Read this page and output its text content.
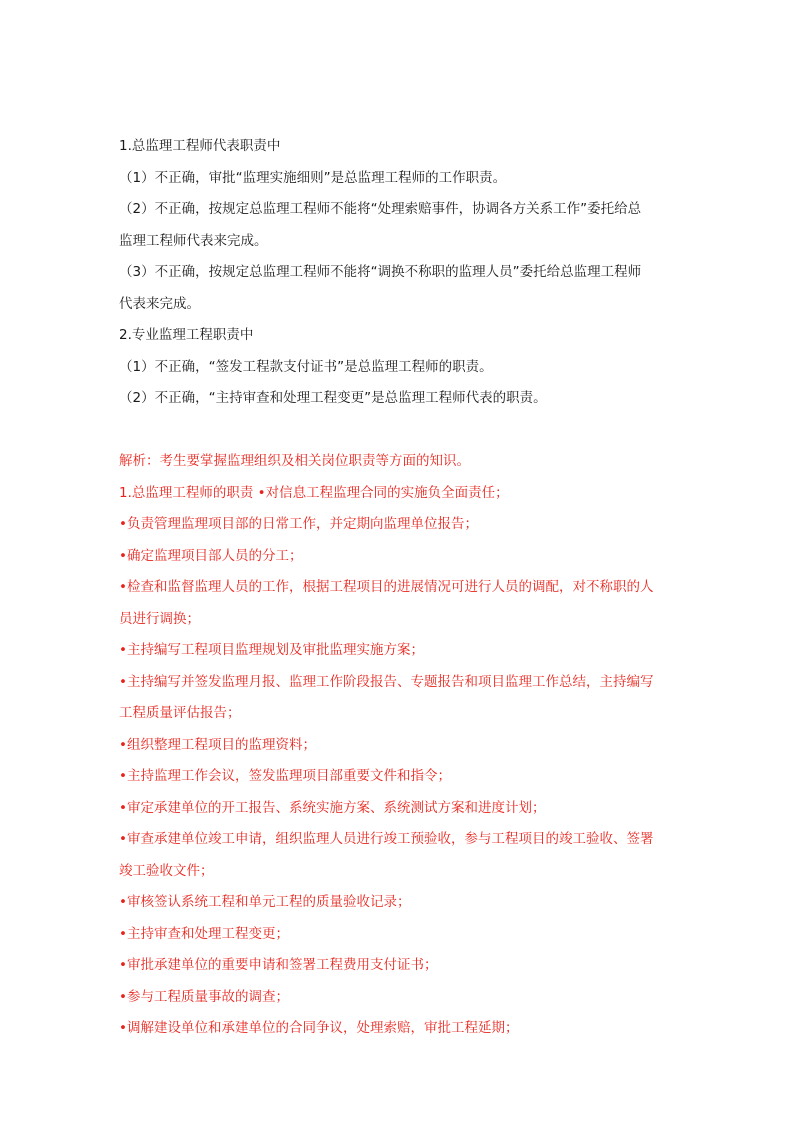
1.总监理工程师代表职责中
（1）不正确，审批“监理实施细则”是总监理工程师的工作职责。
（2）不正确，按规定总监理工程师不能将“处理索赔事件，协调各方关系工作”委托给总
监理工程师代表来完成。
（3）不正确，按规定总监理工程师不能将“调换不称职的监理人员”委托给总监理工程师
代表来完成。
2.专业监理工程职责中
（1）不正确，“签发工程款支付证书”是总监理工程师的职责。
（2）不正确，“主持审查和处理工程变更”是总监理工程师代表的职责。
解析：考生要掌握监理组织及相关岗位职责等方面的知识。
1.总监理工程师的职责 •对信息工程监理合同的实施负全面责任；
•负责管理监理项目部的日常工作，并定期向监理单位报告；
•确定监理项目部人员的分工；
•检查和监督监理人员的工作，根据工程项目的进展情况可进行人员的调配，对不称职的人
员进行调换；
•主持编写工程项目监理规划及审批监理实施方案；
•主持编写并签发监理月报、监理工作阶段报告、专题报告和项目监理工作总结，主持编写
工程质量评估报告；
•组织整理工程项目的监理资料；
•主持监理工作会议，签发监理项目部重要文件和指令；
•审定承建单位的开工报告、系统实施方案、系统测试方案和进度计划；
•审查承建单位竣工申请，组织监理人员进行竣工预验收，参与工程项目的竣工验收、签署
竣工验收文件；
•审核签认系统工程和单元工程的质量验收记录；
•主持审查和处理工程变更；
•审批承建单位的重要申请和签署工程费用支付证书；
•参与工程质量事故的调查；
•调解建设单位和承建单位的合同争议，处理索赔，审批工程延期；
